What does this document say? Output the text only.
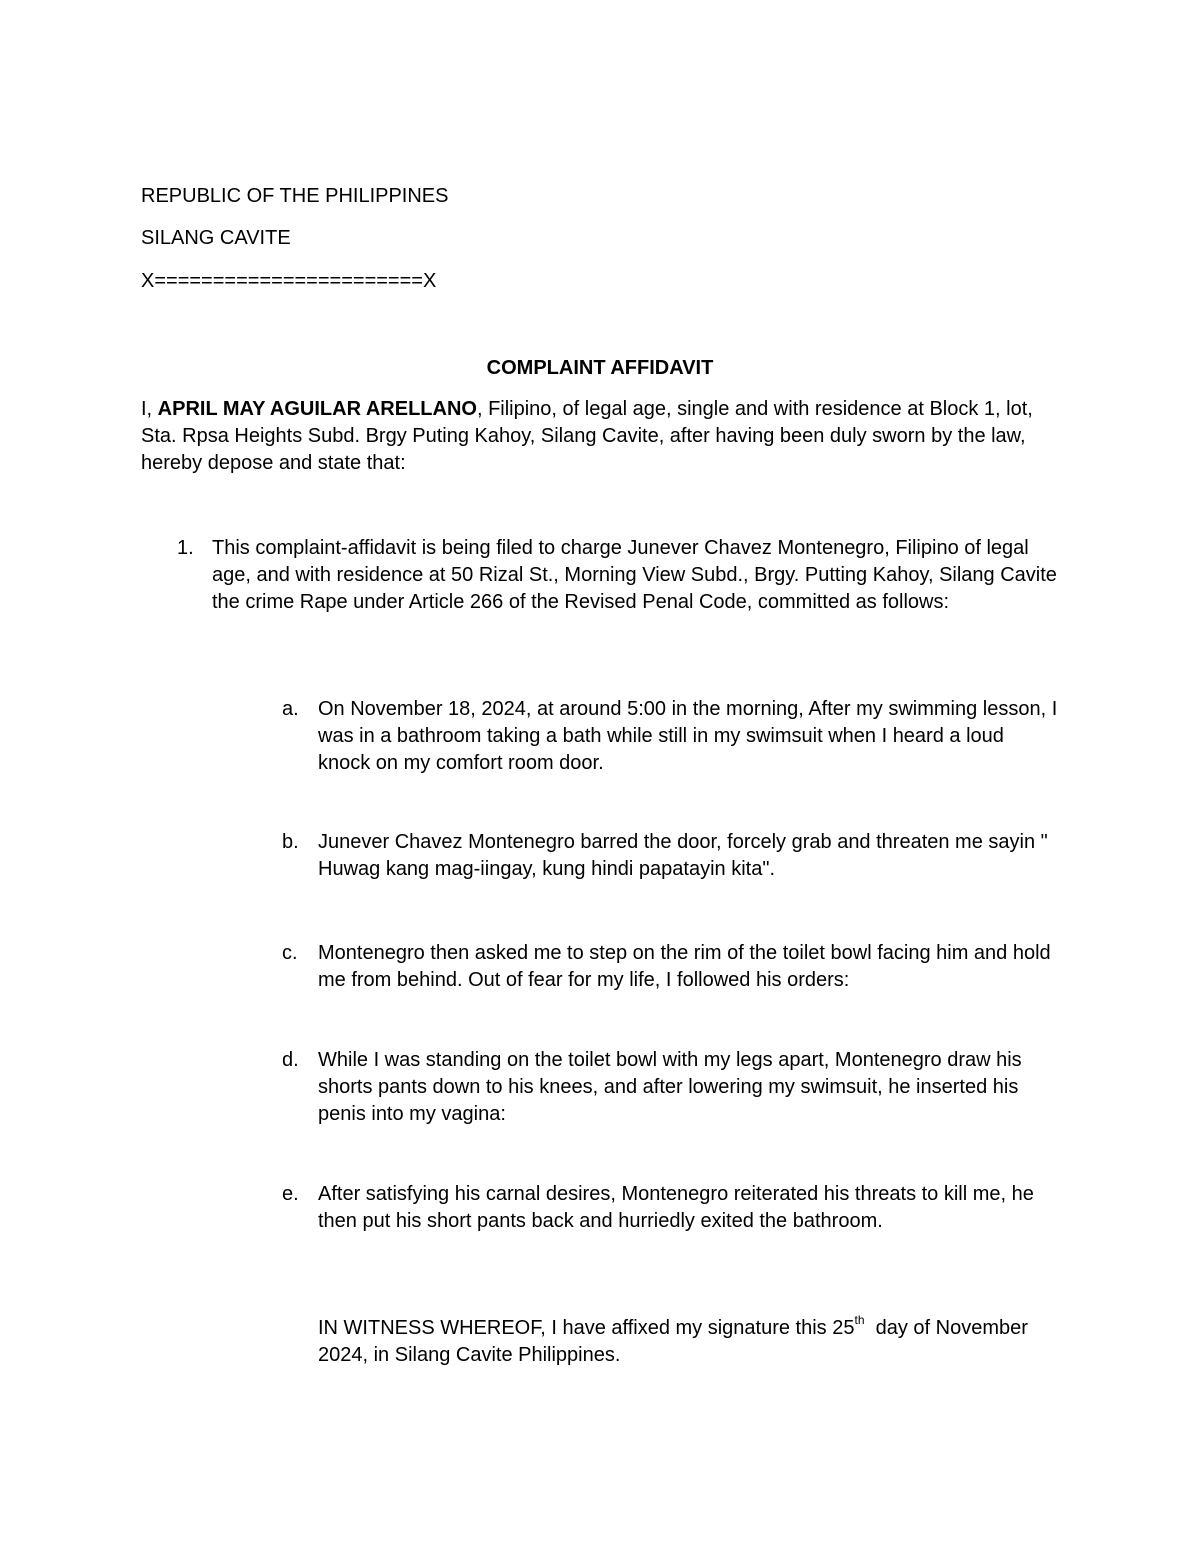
REPUBLIC OF THE PHILIPPINES

SILANG CAVITE

X=======================X

COMPLAINT AFFIDAVIT

I, APRIL MAY AGUILAR ARELLANO, Filipino, of legal age, single and with residence at Block 1, lot, Sta. Rpsa Heights Subd. Brgy Puting Kahoy, Silang Cavite, after having been duly sworn by the law, hereby depose and state that:

1. This complaint-affidavit is being filed to charge Junever Chavez Montenegro, Filipino of legal age, and with residence at 50 Rizal St., Morning View Subd., Brgy. Putting Kahoy, Silang Cavite the crime Rape under Article 266 of the Revised Penal Code, committed as follows:
a. On November 18, 2024, at around 5:00 in the morning, After my swimming lesson, I was in a bathroom taking a bath while still in my swimsuit when I heard a loud knock on my comfort room door.
b. Junever Chavez Montenegro barred the door, forcely grab and threaten me sayin " Huwag kang mag-iingay, kung hindi papatayin kita".
c.	Montenegro then asked me to step on the rim of the toilet bowl facing him and hold me from behind. Out of fear for my life, I followed his orders:
d. While I was standing on the toilet bowl with my legs apart, Montenegro draw his shorts pants down to his knees, and after lowering my swimsuit, he inserted his penis into my vagina:
e. After satisfying his carnal desires, Montenegro reiterated his threats to kill me, he then put his short pants back and hurriedly exited the bathroom.

IN WITNESS WHEREOF, I have affixed my signature this 25th  day of November  2024, in Silang Cavite Philippines.
